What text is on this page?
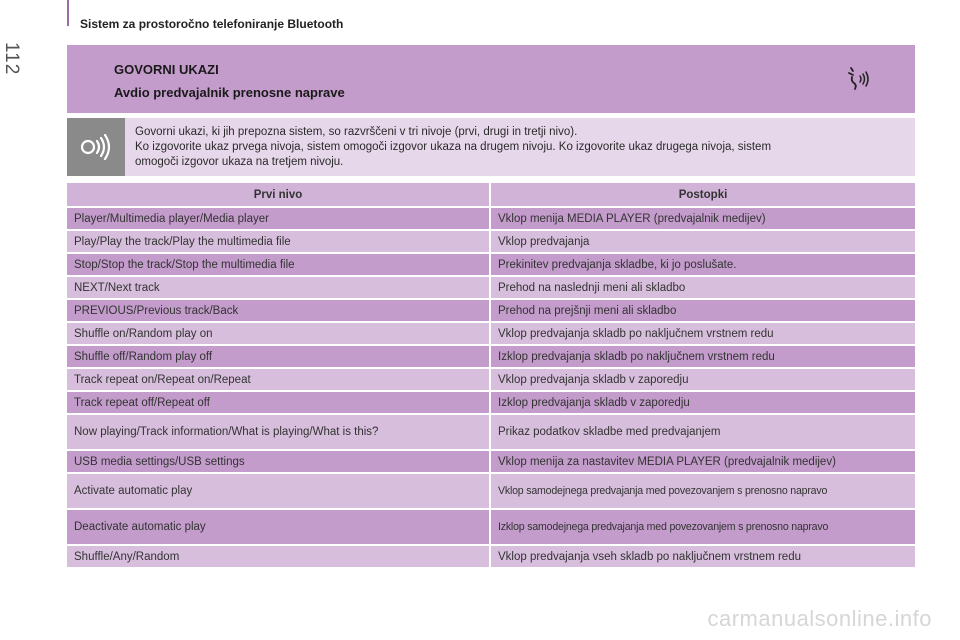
112
Sistem za prostoročno telefoniranje Bluetooth
GOVORNI UKAZI
Avdio predvajalnik prenosne naprave
Govorni ukazi, ki jih prepozna sistem, so razvrščeni v tri nivoje (prvi, drugi in tretji nivo).
Ko izgovorite ukaz prvega nivoja, sistem omogoči izgovor ukaza na drugem nivoju. Ko izgovorite ukaz drugega nivoja, sistem
omogoči izgovor ukaza na tretjem nivoju.
Prvi nivo	Postopki
Player/Multimedia player/Media player	Vklop menija MEDIA PLAYER (predvajalnik medijev)
Play/Play the track/Play the multimedia file	Vklop predvajanja
Stop/Stop the track/Stop the multimedia file	Prekinitev predvajanja skladbe, ki jo poslušate.
NEXT/Next track	Prehod na naslednji meni ali skladbo
PREVIOUS/Previous track/Back	Prehod na prejšnji meni ali skladbo
Shuffle on/Random play on	Vklop predvajanja skladb po naključnem vrstnem redu
Shuffle off/Random play off	Izklop predvajanja skladb po naključnem vrstnem redu
Track repeat on/Repeat on/Repeat	Vklop predvajanja skladb v zaporedju
Track repeat off/Repeat off	Izklop predvajanja skladb v zaporedju
Now playing/Track information/What is playing/What is this?	Prikaz podatkov skladbe med predvajanjem
USB media settings/USB settings	Vklop menija za nastavitev MEDIA PLAYER (predvajalnik medijev)
Activate automatic play	Vklop samodejnega predvajanja med povezovanjem s prenosno napravo
Deactivate automatic play	Izklop samodejnega predvajanja med povezovanjem s prenosno napravo
Shuffle/Any/Random	Vklop predvajanja vseh skladb po naključnem vrstnem redu
carmanualsonline.info
